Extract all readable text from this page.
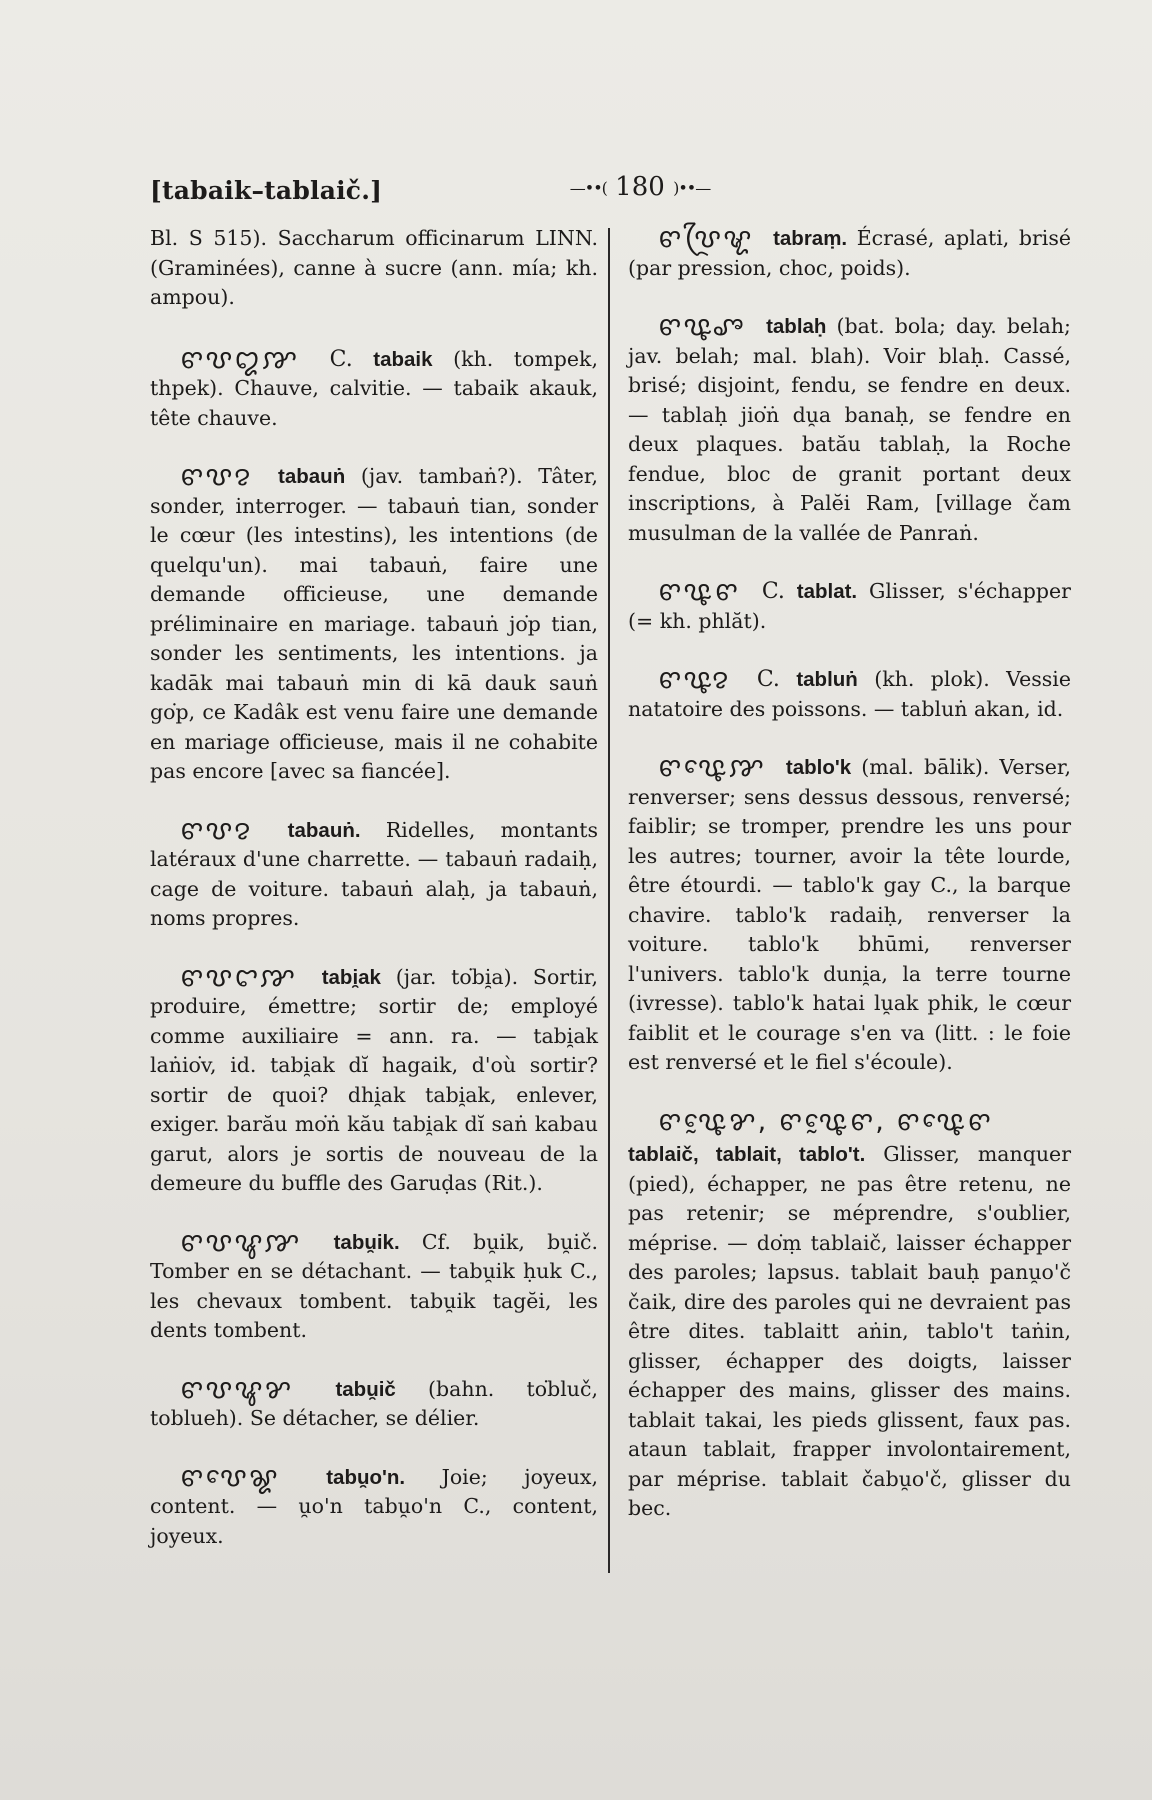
[tabaik–tablaič.]	—••( 180 )••—

Bl. S 515). Saccharum officinarum LINN. (Graminées), canne à sucre (ann. mía; kh. ampou).

ꨓꨝꨁꨇ C. tabaik (kh. tompek, thpek). Chauve, calvitie. — tabaik akauk, tête chauve.

ꨓꨝꨂ tabauṅ (jav. tambaṅ?). Tâter, sonder, interroger. — tabauṅ tian, sonder le cœur (les intestins), les intentions (de quelqu'un). mai tabauṅ, faire une demande officieuse, une demande préliminaire en mariage. tabauṅ jo͘p tian, sonder les sentiments, les intentions. ja kadāk mai tabauṅ min di kā dauk sauṅ go͘p, ce Kadâk est venu faire une demande en mariage officieuse, mais il ne cohabite pas encore [avec sa fiancée].

ꨓꨝꨂ tabauṅ. Ridelles, montants latéraux d'une charrette. — tabauṅ radaiḥ, cage de voiture. tabauṅ alaḥ, ja tabauṅ, noms propres.

ꨓꨝꨤꨇ tabi̯ak (jar. to͘bi̯a). Sortir, produire, émettre; sortir de; employé comme auxiliaire = ann. ra. — tabi̯ak laṅio͘v, id. tabi̯ak dĭ hagaik, d'où sortir? sortir de quoi? dhi̯ak tabi̯ak, enlever, exiger. barău mo͘ṅ kău tabi̯ak dĭ saṅ kabau garut, alors je sortis de nouveau de la demeure du buffle des Garuḍas (Rit.).

ꨓꨝꨥꨇ tabu̯ik. Cf. bu̯ik, bu̯ič. Tomber en se détachant. — tabu̯ik ḥuk C., les chevaux tombent. tabu̯ik tagĕi, les dents tombent.

ꨓꨝꨥꨌ tabu̯ič (bahn. to͘bluč, toblueh). Se détacher, se délier.

ꨓꨝꨯꨘ tabu̯o'n. Joie; joyeux, content. — u̯o'n tabu̯o'n C., content, joyeux.

ꨓꨝꨴꨠ tabraṃ. Écrasé, aplati, brisé (par pression, choc, poids).

ꨓꨝꨵꨨ tablaḥ (bat. bola; day. belah; jav. belah; mal. blah). Voir blaḥ. Cassé, brisé; disjoint, fendu, se fendre en deux. — tablaḥ jio͘ṅ du̯a banaḥ, se fendre en deux plaques. batău tablaḥ, la Roche fendue, bloc de granit portant deux inscriptions, à Palĕi Ram, [village čam musulman de la vallée de Panraṅ.

ꨓꨝꨵꨓ C. tablat. Glisser, s'échapper (= kh. phlăt).

ꨓꨝꨵꨂ C. tabluṅ (kh. plok). Vessie natatoire des poissons. — tabluṅ akan, id.

ꨓꨝꨵꨯꨇ tablo'k (mal. bālik). Verser, renverser; sens dessus dessous, renversé; faiblir; se tromper, prendre les uns pour les autres; tourner, avoir la tête lourde, être étourdi. — tablo'k gay C., la barque chavire. tablo'k radaiḥ, renverser la voiture. tablo'k bhūmi, renverser l'univers. tablo'k duni̯a, la terre tourne (ivresse). tablo'k hatai lu̯ak phik, le cœur faiblit et le courage s'en va (litt. : le foie est renversé et le fiel s'écoule).

ꨓꨝꨵꨰꨌ, ꨓꨝꨵꨰꨓ, ꨓꨝꨵꨯꨓ

tablaič, tablait, tablo't. Glisser, manquer (pied), échapper, ne pas être retenu, ne pas retenir; se méprendre, s'oublier, méprise. — do͘ṃ tablaič, laisser échapper des paroles; lapsus. tablait bauḥ panu̯o'č čaik, dire des paroles qui ne devraient pas être dites. tablaitt aṅin, tablo't taṅin, glisser, échapper des doigts, laisser échapper des mains, glisser des mains. tablait takai, les pieds glissent, faux pas. ataun tablait, frapper involontairement, par méprise. tablait čabu̯o'č, glisser du bec.
